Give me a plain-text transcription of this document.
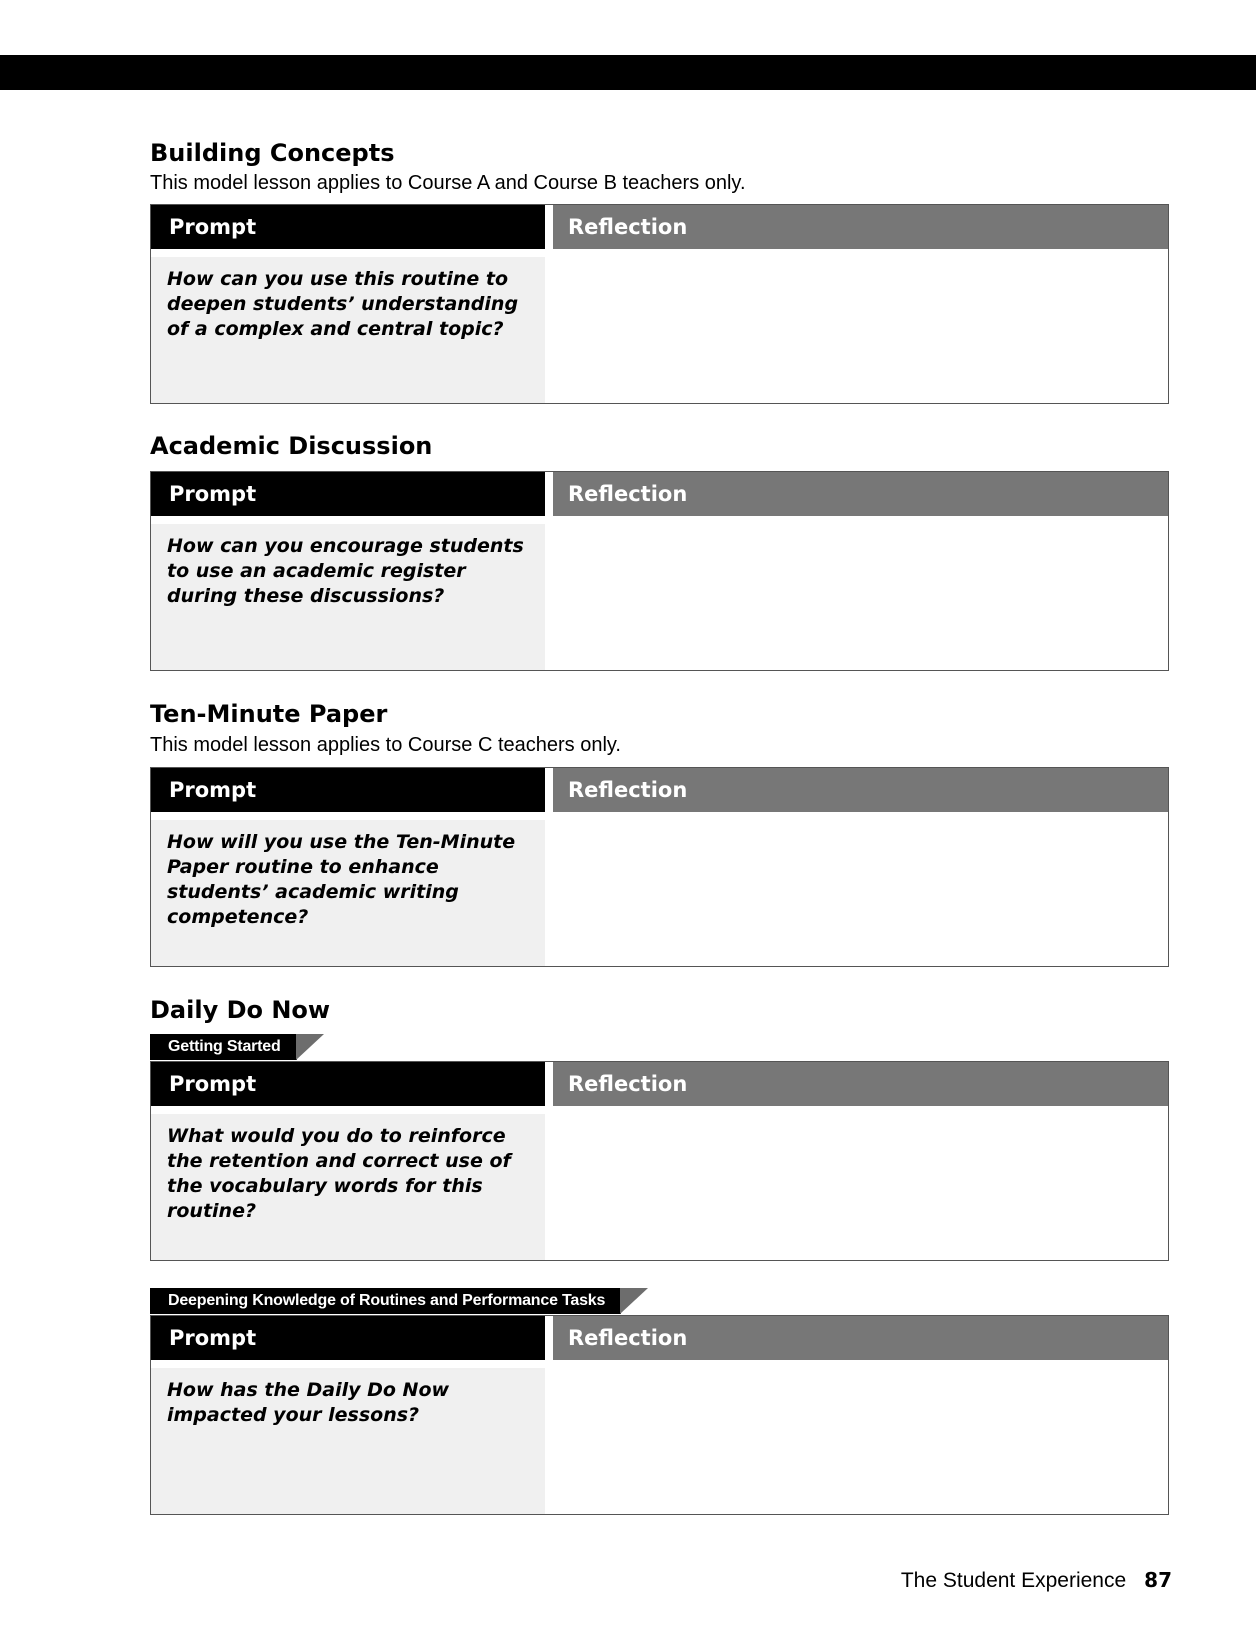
Building Concepts

This model lesson applies to Course A and Course B teachers only.

Prompt	Reflection
How can you use this routine to deepen students’ understanding of a complex and central topic?
Academic Discussion
Prompt	Reflection
How can you encourage students to use an academic register during these discussions?
Ten-Minute Paper

This model lesson applies to Course C teachers only.

Prompt	Reflection
How will you use the Ten-Minute Paper routine to enhance students’ academic writing competence?
Daily Do Now
Getting Started
Prompt	Reflection
What would you do to reinforce the retention and correct use of the vocabulary words for this routine?
Deepening Knowledge of Routines and Performance Tasks
Prompt	Reflection
How has the Daily Do Now impacted your lessons?
The Student Experience 87
